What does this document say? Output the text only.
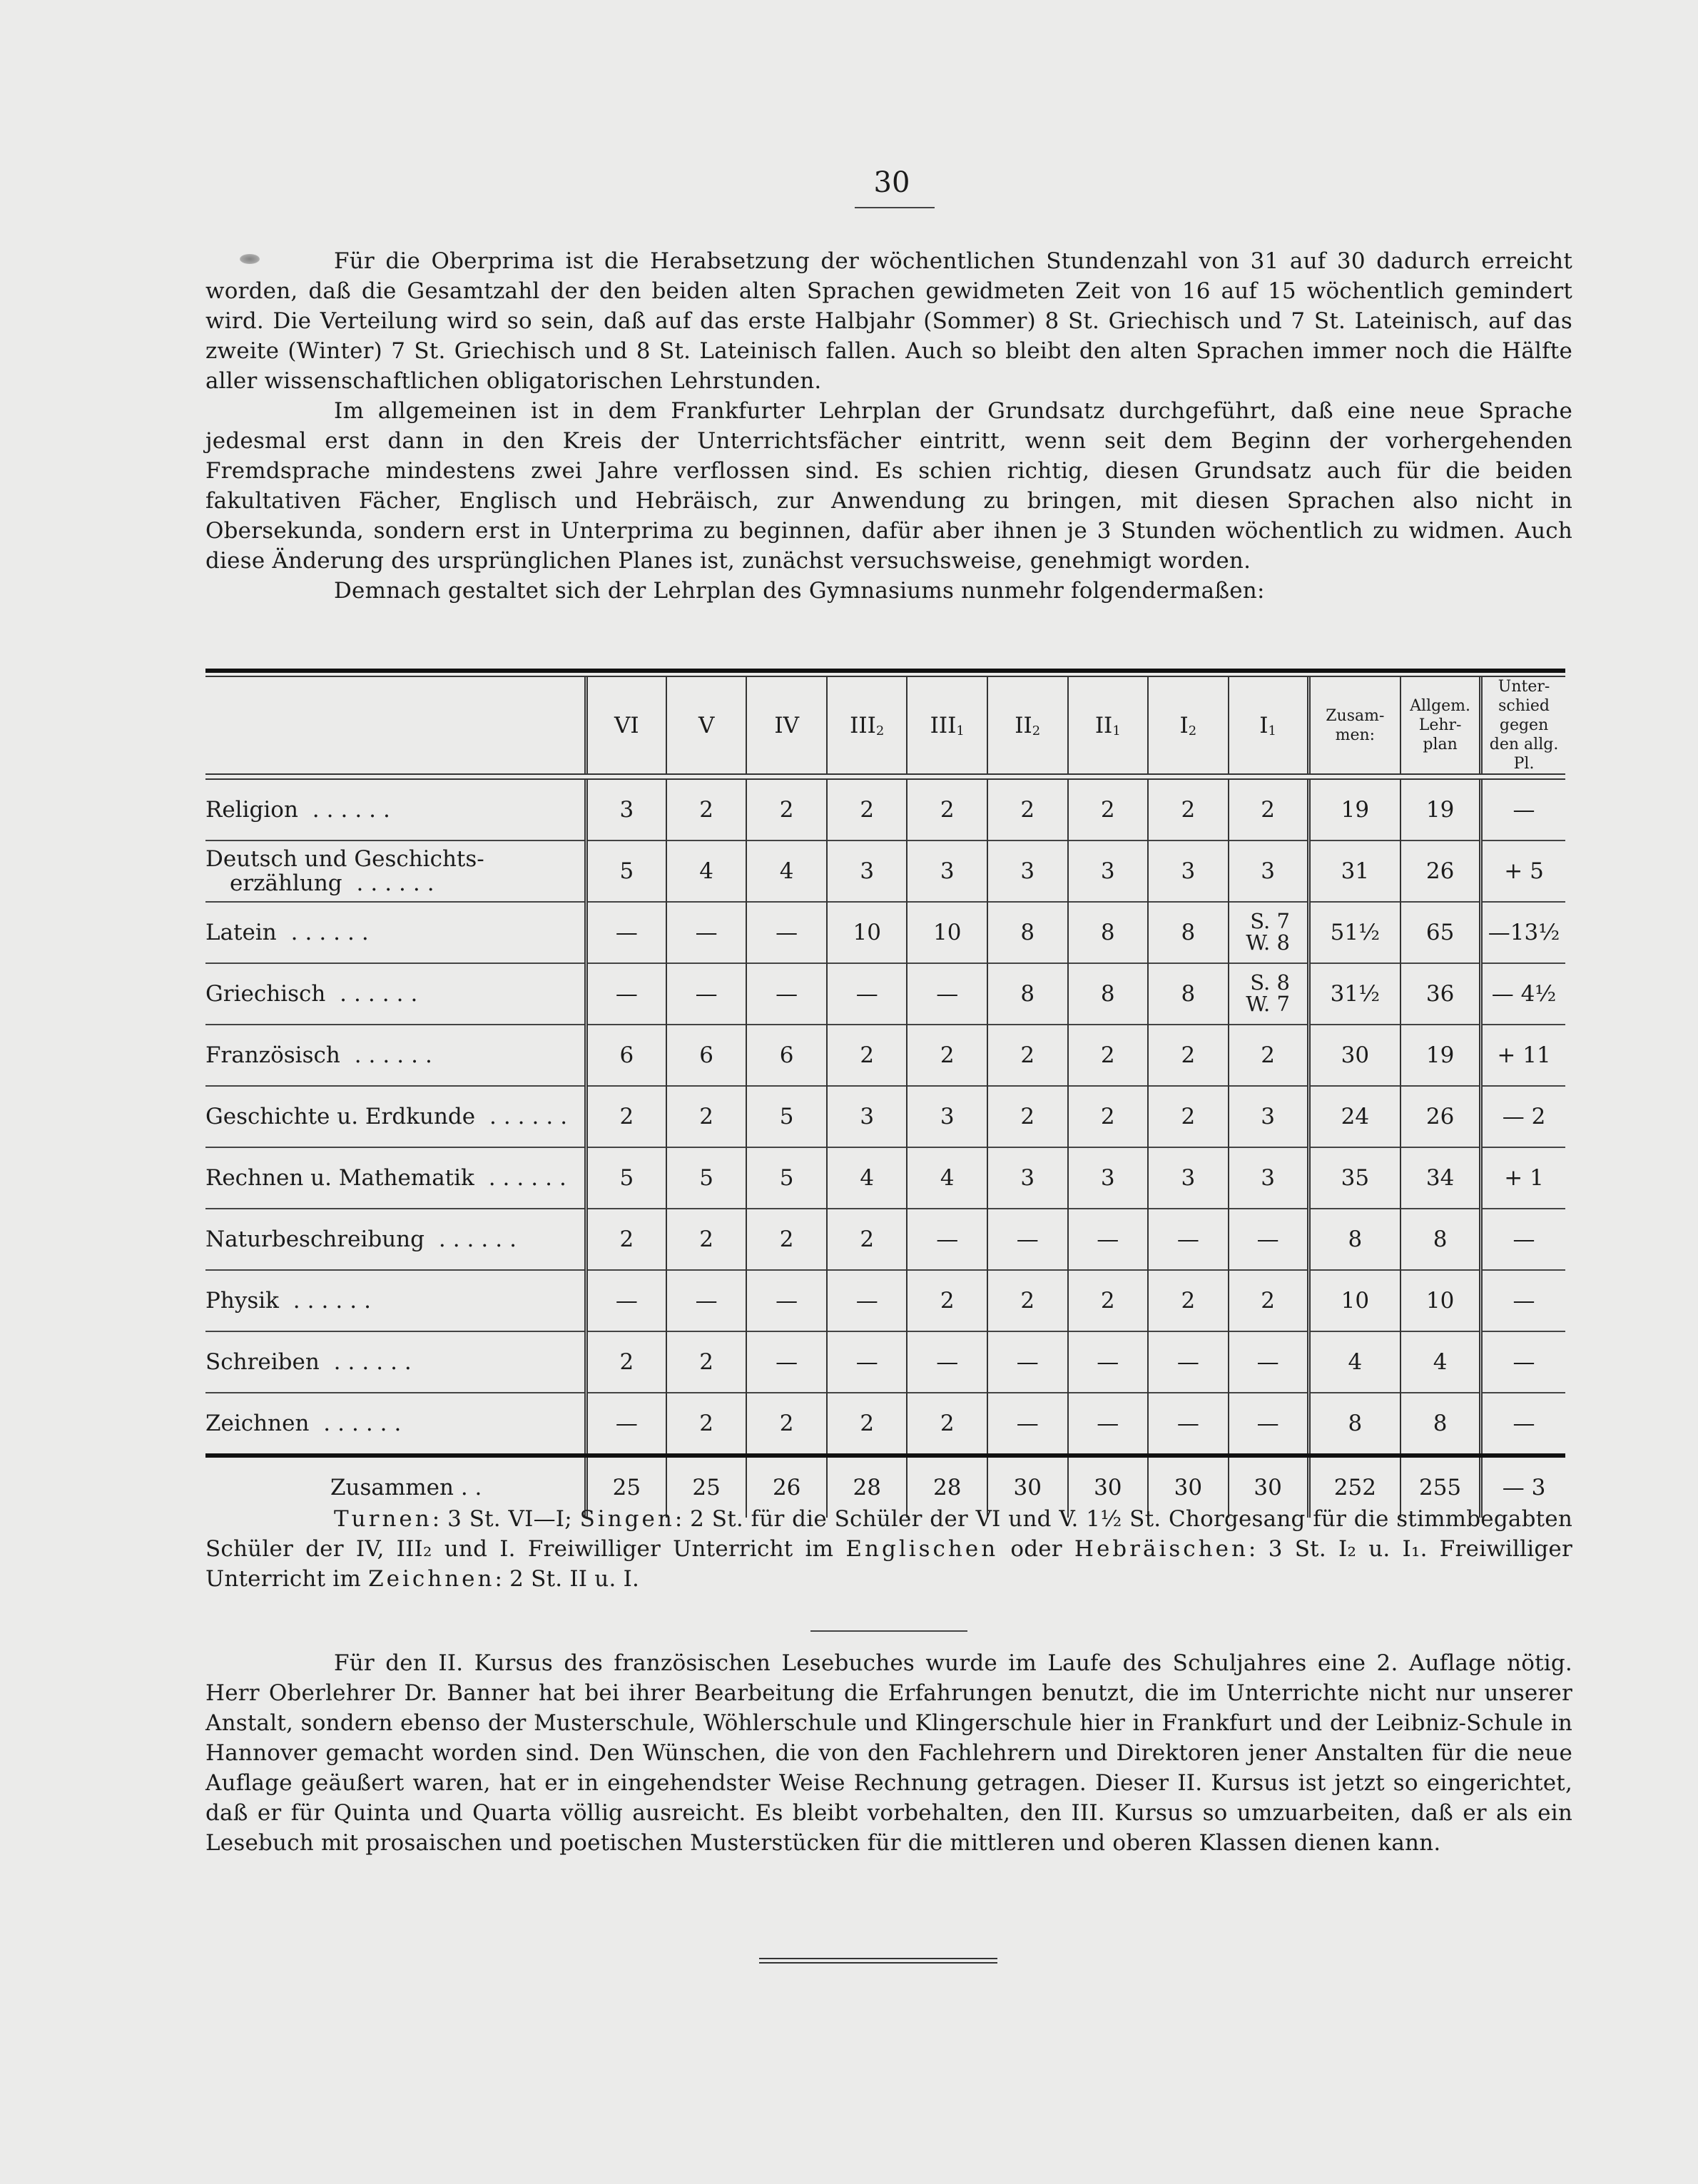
30

Für die Oberprima ist die Herabsetzung der wöchentlichen Stundenzahl von 31 auf 30 dadurch erreicht worden, daß die Gesamtzahl der den beiden alten Sprachen gewidmeten Zeit von 16 auf 15 wöchentlich gemindert wird. Die Verteilung wird so sein, daß auf das erste Halbjahr (Sommer) 8 St. Griechisch und 7 St. Lateinisch, auf das zweite (Winter) 7 St. Griechisch und 8 St. Lateinisch fallen. Auch so bleibt den alten Sprachen immer noch die Hälfte aller wissenschaftlichen obligatorischen Lehrstunden.

Im allgemeinen ist in dem Frankfurter Lehrplan der Grundsatz durchgeführt, daß eine neue Sprache jedesmal erst dann in den Kreis der Unterrichtsfächer eintritt, wenn seit dem Beginn der vorhergehenden Fremdsprache mindestens zwei Jahre verflossen sind. Es schien richtig, diesen Grundsatz auch für die beiden fakultativen Fächer, Englisch und Hebräisch, zur Anwendung zu bringen, mit diesen Sprachen also nicht in Obersekunda, sondern erst in Unterprima zu beginnen, dafür aber ihnen je 3 Stunden wöchentlich zu widmen. Auch diese Änderung des ursprünglichen Planes ist, zunächst versuchsweise, genehmigt worden.

Demnach gestaltet sich der Lehrplan des Gymnasiums nunmehr folgendermaßen:

	VI	V	IV	$III_2$	$III_1$	$II_2$	$II_1$	$I_2$	$I_1$	Zusam-
men:	Allgem.
Lehr-
plan	Unter-
schied
gegen
den allg.
Pl.
Religion ......	3	2	2	2	2	2	2	2	2	19	19	—
Deutsch und Geschichts-
erzählung ......	5	4	4	3	3	3	3	3	3	31	26	+ 5
Latein ......	—	—	—	10	10	8	8	8	S. 7
W. 8	51½	65	—13½
Griechisch ......	—	—	—	—	—	8	8	8	S. 8
W. 7	31½	36	— 4½
Französisch ......	6	6	6	2	2	2	2	2	2	30	19	+ 11
Geschichte u. Erdkunde ......	2	2	5	3	3	2	2	2	3	24	26	— 2
Rechnen u. Mathematik ......	5	5	5	4	4	3	3	3	3	35	34	+ 1
Naturbeschreibung ......	2	2	2	2	—	—	—	—	—	8	8	—
Physik ......	—	—	—	—	2	2	2	2	2	10	10	—
Schreiben ......	2	2	—	—	—	—	—	—	—	4	4	—
Zeichnen ......	—	2	2	2	2	—	—	—	—	8	8	—
Zusammen . .	25	25	26	28	28	30	30	30	30	252	255	— 3

Turnen: 3 St. VI—I; Singen: 2 St. für die Schüler der VI und V. 1½ St. Chorgesang für die stimmbegabten Schüler der IV, III₂ und I. Freiwilliger Unterricht im Englischen oder Hebräischen: 3 St. I₂ u. I₁. Freiwilliger Unterricht im Zeichnen: 2 St. II u. I.

Für den II. Kursus des französischen Lesebuches wurde im Laufe des Schuljahres eine 2. Auflage nötig. Herr Oberlehrer Dr. Banner hat bei ihrer Bearbeitung die Erfahrungen benutzt, die im Unterrichte nicht nur unserer Anstalt, sondern ebenso der Musterschule, Wöhlerschule und Klingerschule hier in Frankfurt und der Leibniz-Schule in Hannover gemacht worden sind. Den Wünschen, die von den Fachlehrern und Direktoren jener Anstalten für die neue Auflage geäußert waren, hat er in eingehendster Weise Rechnung getragen. Dieser II. Kursus ist jetzt so eingerichtet, daß er für Quinta und Quarta völlig ausreicht. Es bleibt vorbehalten, den III. Kursus so umzuarbeiten, daß er als ein Lesebuch mit prosaischen und poetischen Musterstücken für die mittleren und oberen Klassen dienen kann.
